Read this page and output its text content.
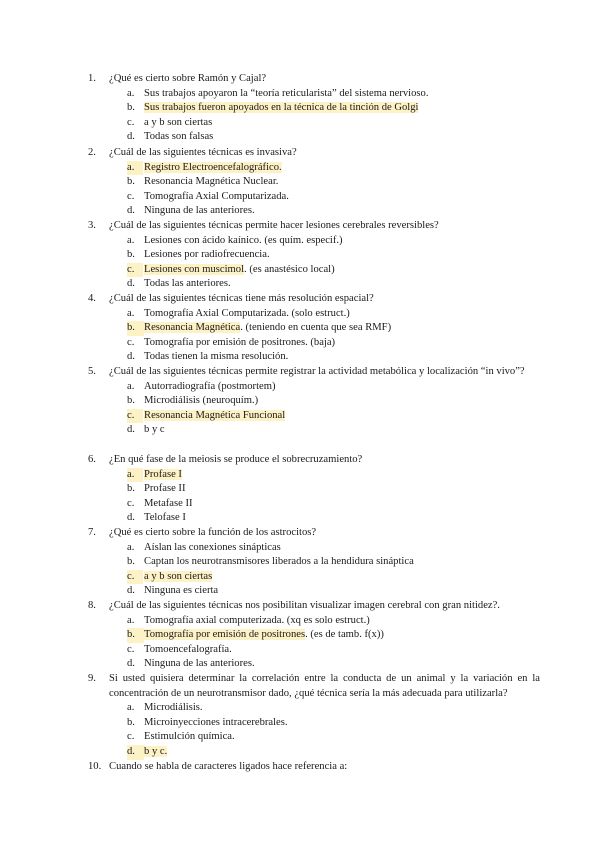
1. ¿Qué es cierto sobre Ramón y Cajal?
a. Sus trabajos apoyaron la “teoría reticularista” del sistema nervioso.
b. Sus trabajos fueron apoyados en la técnica de la tinción de Golgi
c. a y b son ciertas
d. Todas son falsas
2. ¿Cuál de las siguientes técnicas es invasiva?
a. Registro Electroencefalográfico.
b. Resonancia Magnética Nuclear.
c. Tomografía Axial Computarizada.
d. Ninguna de las anteriores.
3. ¿Cuál de las siguientes técnicas permite hacer lesiones cerebrales reversibles?
a. Lesiones con ácido kaínico. (es quím. especif.)
b. Lesiones por radiofrecuencia.
c. Lesiones con muscimol. (es anastésico local)
d. Todas las anteriores.
4. ¿Cuál de las siguientes técnicas tiene más resolución espacial?
a. Tomografía Axial Computarizada. (solo estruct.)
b. Resonancia Magnética. (teniendo en cuenta que sea RMF)
c. Tomografía por emisión de positrones. (baja)
d. Todas tienen la misma resolución.
5. ¿Cuál de las siguientes técnicas permite registrar la actividad metabólica y localización “in vivo”?
a. Autorradiografía (postmortem)
b. Microdiálisis (neuroquím.)
c. Resonancia Magnética Funcional
d. b y c
6. ¿En qué fase de la meiosis se produce el sobrecruzamiento?
a. Profase I
b. Profase II
c. Metafase II
d. Telofase I
7. ¿Qué es cierto sobre la función de los astrocitos?
a. Aíslan las conexiones sinápticas
b. Captan los neurotransmisores liberados a la hendidura sináptica
c. a y b son ciertas
d. Ninguna es cierta
8. ¿Cuál de las siguientes técnicas nos posibilitan visualizar imagen cerebral con gran nitidez?.
a. Tomografía axial computerizada. (xq es solo estruct.)
b. Tomografía por emisión de positrones. (es de tamb. f(x))
c. Tomoencefalografía.
d. Ninguna de las anteriores.
9. Si usted quisiera determinar la correlación entre la conducta de un animal y la variación en la concentración de un neurotransmisor dado, ¿qué técnica sería la más adecuada para utilizarla?
a. Microdiálisis.
b. Microinyecciones intracerebrales.
c. Estimulción química.
d. b y c.
10. Cuando se habla de caracteres ligados hace referencia a:
